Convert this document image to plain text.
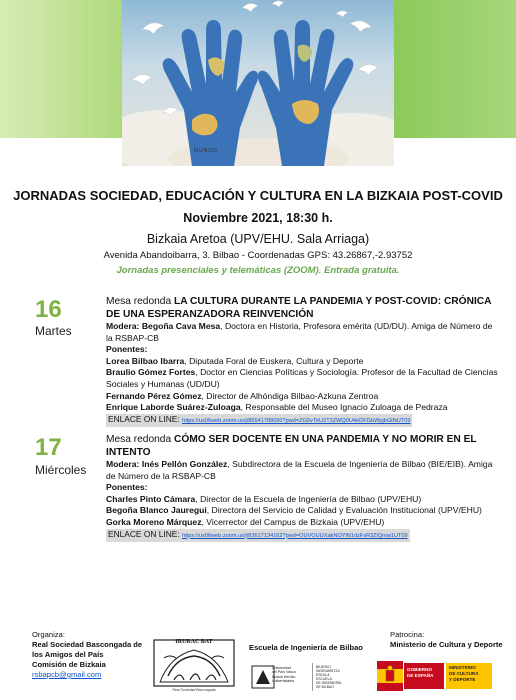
MUNDO
JORNADAS SOCIEDAD, EDUCACIÓN Y CULTURA EN LA BIZKAIA POST-COVID
Noviembre 2021, 18:30 h.
Bizkaia Aretoa (UPV/EHU. Sala Arriaga)
Avenida Abandoibarra, 3. Bilbao - Coordenadas GPS: 43.26867,-2.93752
Jornadas presenciales y telemáticas (ZOOM). Entrada gratuita.
16
Martes

Mesa redonda LA CULTURA DURANTE LA PANDEMIA Y POST-COVID: CRÓNICA DE UNA ESPERANZADORA REINVENCIÓN

Modera: Begoña Cava Mesa, Doctora en Historia, Profesora emérita (UD/DU). Amiga de Número de la RSBAP-CB

Ponentes:

Lorea Bilbao Ibarra, Diputada Foral de Euskera, Cultura y Deporte

Braulio Gómez Fortes, Doctor en Ciencias Políticas y Sociología. Profesor de la Facultad de Ciencias Sociales y Humanas (UD/DU)

Fernando Pérez Gómez, Director de Alhóndiga Bilbao-Azkuna Zentroa

Enrique Laborde Suárez-Zuloaga, Responsable del Museo Ignacio Zuloaga de Pedraza

ENLACE ON LINE: https://us06web.zoom.us/j/86541788090?pwd=ZG5vTkU2T3ZWQ0U4eDFGbWpjbGtNUT09

17
Miércoles

Mesa redonda CÓMO SER DOCENTE EN UNA PANDEMIA Y NO MORIR EN EL INTENTO

Modera: Inés Pellón González, Subdirectora de la Escuela de Ingeniería de Bilbao (BIE/EIB). Amiga de Número de la RSBAP-CB

Ponentes:

Charles Pinto Cámara, Director de la Escuela de Ingeniería de Bilbao (UPV/EHU)

Begoña Blanco Jauregui, Directora del Servicio de Calidad y Evaluación Institucional (UPV/EHU)

Gorka Moreno Márquez, Vicerrector del Campus de Bizkaia (UPV/EHU)

ENLACE ON LINE: https://us06web.zoom.us/j/83617134162?pwd=OUVOUUXakNOYlN1dzFsR3ZiQmw1UT09

Organiza:
Real Sociedad Bascongada de
los Amigos del País
Comisión de Bizkaia
rsbapcb@gmail.com
IRURAC BAT
Real Sociedad Bascongada
Escuela de Ingeniería de Bilbao
Universidad
del País Vasco
Euskal Herriko
Unibertsitatea
BILBOKO
INGENIARITZA
ESKOLA
ESCUELA
DE INGENIERÍA
DE BILBAO
Patrocina:
Ministerio de Cultura y Deporte
GOBIERNO
DE ESPAÑA
MINISTERIO
DE CULTURA
Y DEPORTE
